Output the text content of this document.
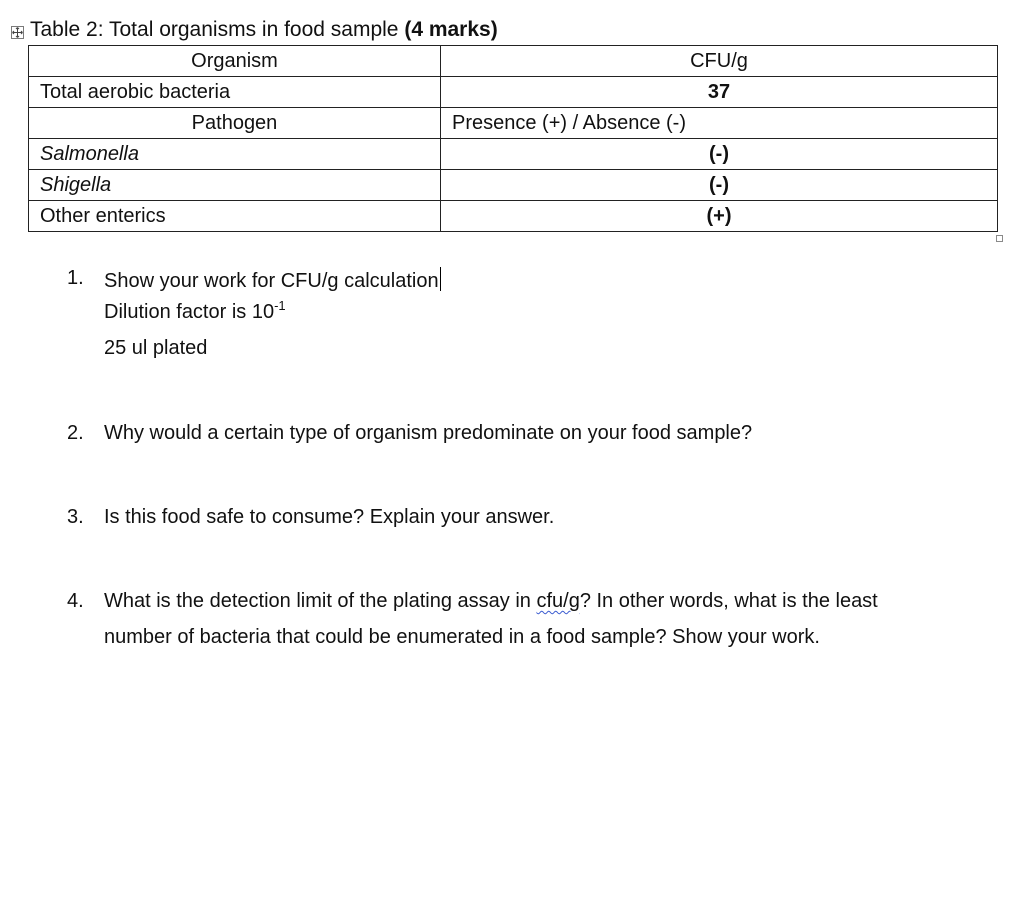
Table 2: Total organisms in food sample (4 marks)
Organism	CFU/g
Total aerobic bacteria	37
Pathogen	Presence (+) / Absence (-)
Salmonella	(-)
Shigella	(-)
Other enterics	(+)
1.	Show your work for CFU/g calculation
Dilution factor is $10^{-1}$
25 ul plated
2.	Why would a certain type of organism predominate on your food sample?
3.	Is this food safe to consume? Explain your answer.
4.	What is the detection limit of the plating assay in cfu/g? In other words, what is the least
number of bacteria that could be enumerated in a food sample? Show your work.
